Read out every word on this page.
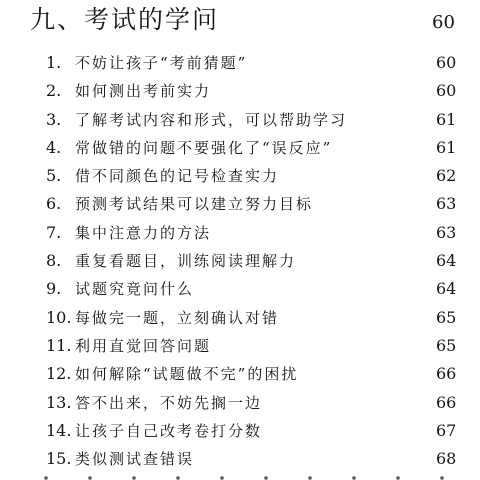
九、考试的学问	60
1. 不妨让孩子“考前猜题”	60
2. 如何测出考前实力	60
3. 了解考试内容和形式，可以帮助学习	61
4. 常做错的问题不要强化了“误反应”	61
5. 借不同颜色的记号检查实力	62
6. 预测考试结果可以建立努力目标	63
7. 集中注意力的方法	63
8. 重复看题目，训练阅读理解力	64
9. 试题究竟问什么	64
10. 每做完一题，立刻确认对错	65
11. 利用直觉回答问题	65
12. 如何解除“试题做不完”的困扰	66
13. 答不出来，不妨先搁一边	66
14. 让孩子自己改考卷打分数	67
15. 类似测试查错误	68
